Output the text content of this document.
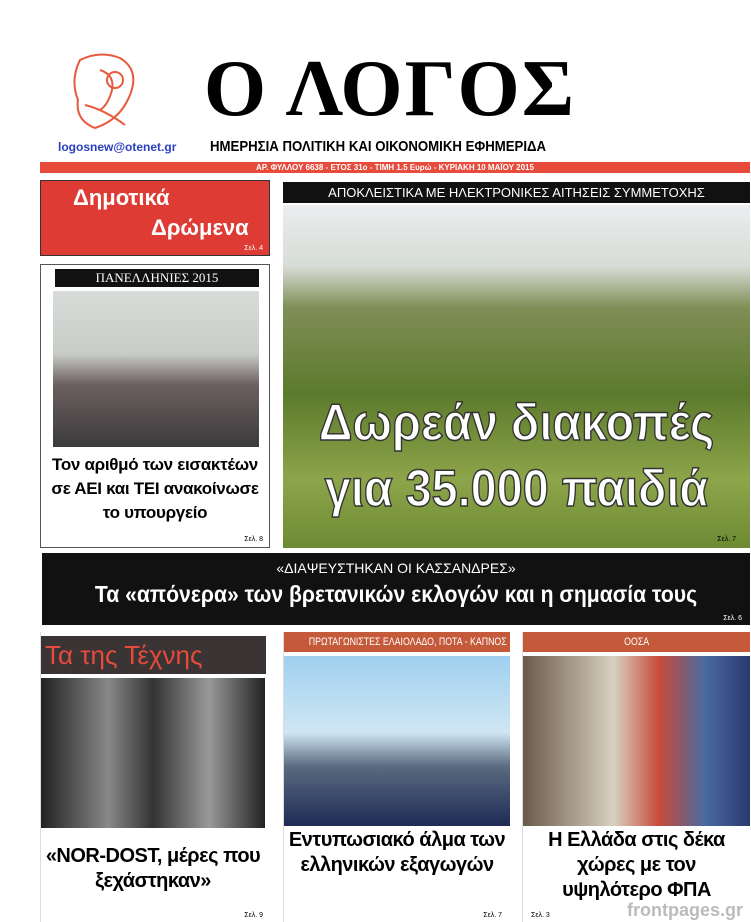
Ο ΛΟΓΟΣ
logosnew@otenet.gr ΗΜΕΡΗΣΙΑ ΠΟΛΙΤΙΚΗ ΚΑΙ ΟΙΚΟΝΟΜΙΚΗ ΕΦΗΜΕΡΙΔΑ
ΑΡ. ΦΥΛΛΟΥ 6638 - ΕΤΟΣ 31ο - ΤΙΜΗ 1.5 Ευρώ - ΚΥΡΙΑΚΗ 10 ΜΑΪΟΥ 2015
Δημοτικά
Δρώμενα
Σελ. 4
ΠΑΝΕΛΛΗΝΙΕΣ 2015
Τον αριθμό των εισακτέων σε ΑΕΙ και ΤΕΙ ανακοίνωσε το υπουργείο
Σελ. 8
ΑΠΟΚΛΕΙΣΤΙΚΑ ΜΕ ΗΛΕΚΤΡΟΝΙΚΕΣ ΑΙΤΗΣΕΙΣ ΣΥΜΜΕΤΟΧΗΣ
Δωρεάν διακοπές
για 35.000 παιδιά
Σελ. 7
«ΔΙΑΨΕΥΣΤΗΚΑΝ ΟΙ ΚΑΣΣΑΝΔΡΕΣ»
Τα «απόνερα» των βρετανικών εκλογών και η σημασία τους
Σελ. 6
Τα της Τέχνης
«NOR-DOST, μέρες που ξεχάστηκαν»
Σελ. 9
ΠΡΩΤΑΓΩΝΙΣΤΕΣ ΕΛΑΙΟΛΑΔΟ, ΠΟΤΑ - ΚΑΠΝΟΣ
Εντυπωσιακό άλμα των ελληνικών εξαγωγών
Σελ. 7
ΟΟΣΑ
Η Ελλάδα στις δέκα χώρες με τον υψηλότερο ΦΠΑ
Σελ. 3	frontpages.gr
